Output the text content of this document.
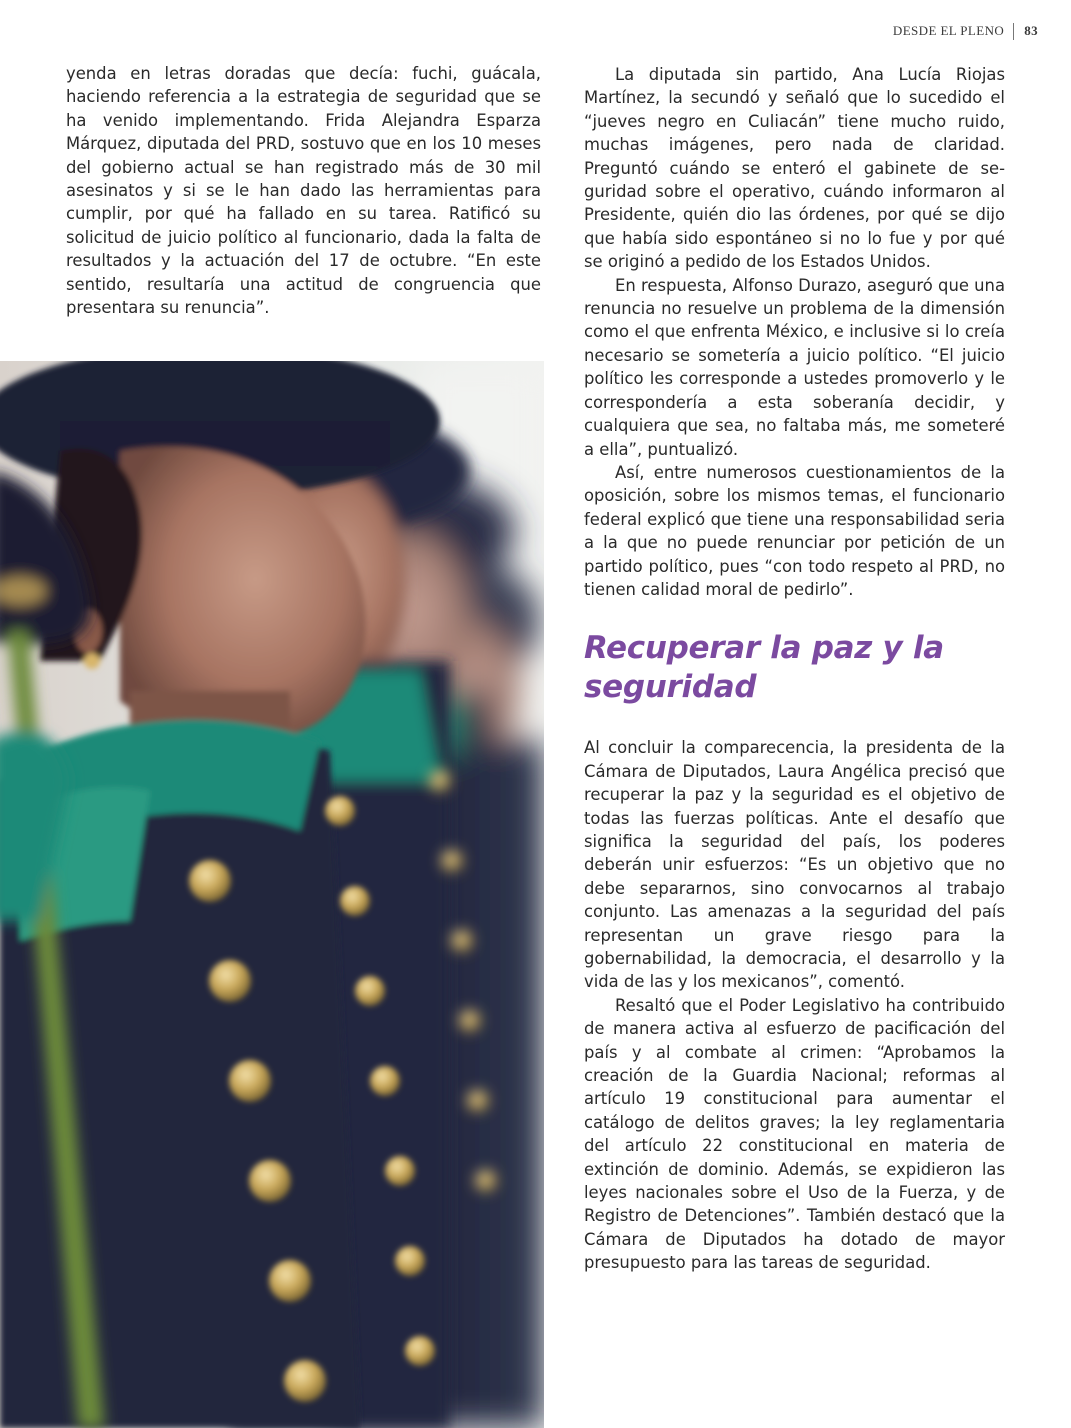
DESDE EL PLENO 83

yenda en letras doradas que decía: fuchi, guácala, haciendo referencia a la estrategia de seguridad que se ha venido implementando. Frida Alejandra Esparza Márquez, diputada del PRD, sostuvo que en los 10 meses del gobierno actual se han registrado más de 30 mil asesinatos y si se le han dado las herramientas para cumplir, por qué ha fallado en su tarea. Ratificó su solicitud de juicio político al funcionario, dada la falta de resultados y la actuación del 17 de octubre. “En este sentido, resultaría una actitud de congruencia que presentara su renuncia”.

La diputada sin partido, Ana Lucía Riojas Martínez, la secundó y señaló que lo sucedido el “jueves negro en Culiacán” tiene mucho ruido, muchas imágenes, pero nada de claridad. Preguntó cuándo se enteró el gabinete de seguridad sobre el operativo, cuándo informaron al Presidente, quién dio las órdenes, por qué se dijo que había sido espontáneo si no lo fue y por qué se originó a pedido de los Estados Unidos.

En respuesta, Alfonso Durazo, aseguró que una renuncia no resuelve un problema de la dimensión como el que enfrenta México, e inclusive si lo creía necesario se sometería a juicio político. “El juicio político les corresponde a ustedes promoverlo y le correspondería a esta soberanía decidir, y cualquiera que sea, no faltaba más, me someteré a ella”, puntualizó.

Así, entre numerosos cuestionamientos de la oposición, sobre los mismos temas, el funcionario federal explicó que tiene una responsabilidad seria a la que no puede renunciar por petición de un partido político, pues “con todo respeto al PRD, no tienen calidad moral de pedirlo”.

Recuperar la paz y la seguridad

Al concluir la comparecencia, la presidenta de la Cámara de Diputados, Laura Angélica precisó que recuperar la paz y la seguridad es el objetivo de todas las fuerzas políticas. Ante el desafío que significa la seguridad del país, los poderes deberán unir esfuerzos: “Es un objetivo que no debe separarnos, sino convocarnos al trabajo conjunto. Las amenazas a la seguridad del país representan un grave riesgo para la gobernabilidad, la democracia, el desarrollo y la vida de las y los mexicanos”, comentó.

Resaltó que el Poder Legislativo ha contribuido de manera activa al esfuerzo de pacificación del país y al combate al crimen: “Aprobamos la creación de la Guardia Nacional; reformas al artículo 19 constitucional para aumentar el catálogo de delitos graves; la ley reglamentaria del artículo 22 constitucional en materia de extinción de dominio. Además, se expidieron las leyes nacionales sobre el Uso de la Fuerza, y de Registro de Detenciones”. También destacó que la Cámara de Diputados ha dotado de mayor presupuesto para las tareas de seguridad.
